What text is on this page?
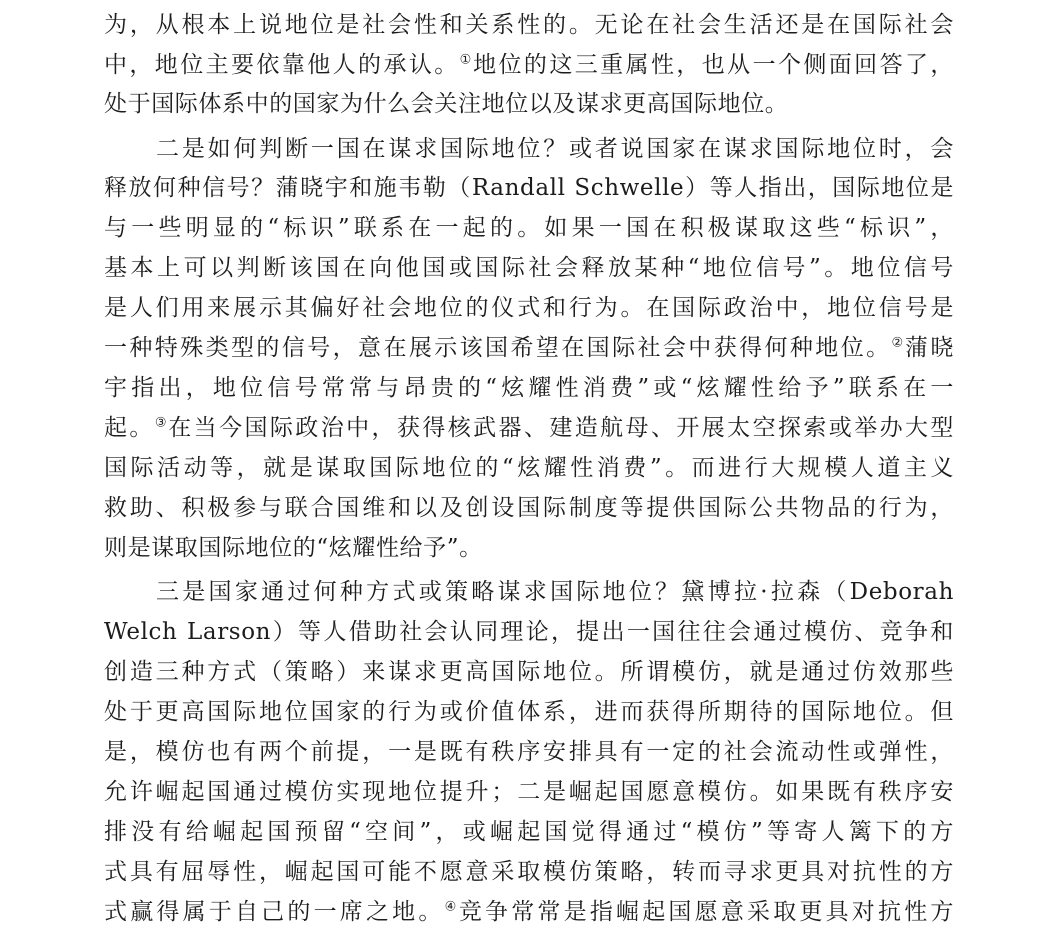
为，从根本上说地位是社会性和关系性的。无论在社会生活还是在国际社会
中，地位主要依靠他人的承认。①地位的这三重属性，也从一个侧面回答了，
处于国际体系中的国家为什么会关注地位以及谋求更高国际地位。
二是如何判断一国在谋求国际地位？或者说国家在谋求国际地位时，会
释放何种信号？蒲晓宇和施韦勒（Randall Schwelle）等人指出，国际地位是
与一些明显的“标识”联系在一起的。如果一国在积极谋取这些“标识”，
基本上可以判断该国在向他国或国际社会释放某种“地位信号”。地位信号
是人们用来展示其偏好社会地位的仪式和行为。在国际政治中，地位信号是
一种特殊类型的信号，意在展示该国希望在国际社会中获得何种地位。②蒲晓
宇指出，地位信号常常与昂贵的“炫耀性消费”或“炫耀性给予”联系在一
起。③在当今国际政治中，获得核武器、建造航母、开展太空探索或举办大型
国际活动等，就是谋取国际地位的“炫耀性消费”。而进行大规模人道主义
救助、积极参与联合国维和以及创设国际制度等提供国际公共物品的行为，
则是谋取国际地位的“炫耀性给予”。
三是国家通过何种方式或策略谋求国际地位？黛博拉·拉森（Deborah
Welch Larson）等人借助社会认同理论，提出一国往往会通过模仿、竞争和
创造三种方式（策略）来谋求更高国际地位。所谓模仿，就是通过仿效那些
处于更高国际地位国家的行为或价值体系，进而获得所期待的国际地位。但
是，模仿也有两个前提，一是既有秩序安排具有一定的社会流动性或弹性，
允许崛起国通过模仿实现地位提升；二是崛起国愿意模仿。如果既有秩序安
排没有给崛起国预留“空间”，或崛起国觉得通过“模仿”等寄人篱下的方
式具有屈辱性，崛起国可能不愿意采取模仿策略，转而寻求更具对抗性的方
式赢得属于自己的一席之地。④竞争常常是指崛起国愿意采取更具对抗性方
